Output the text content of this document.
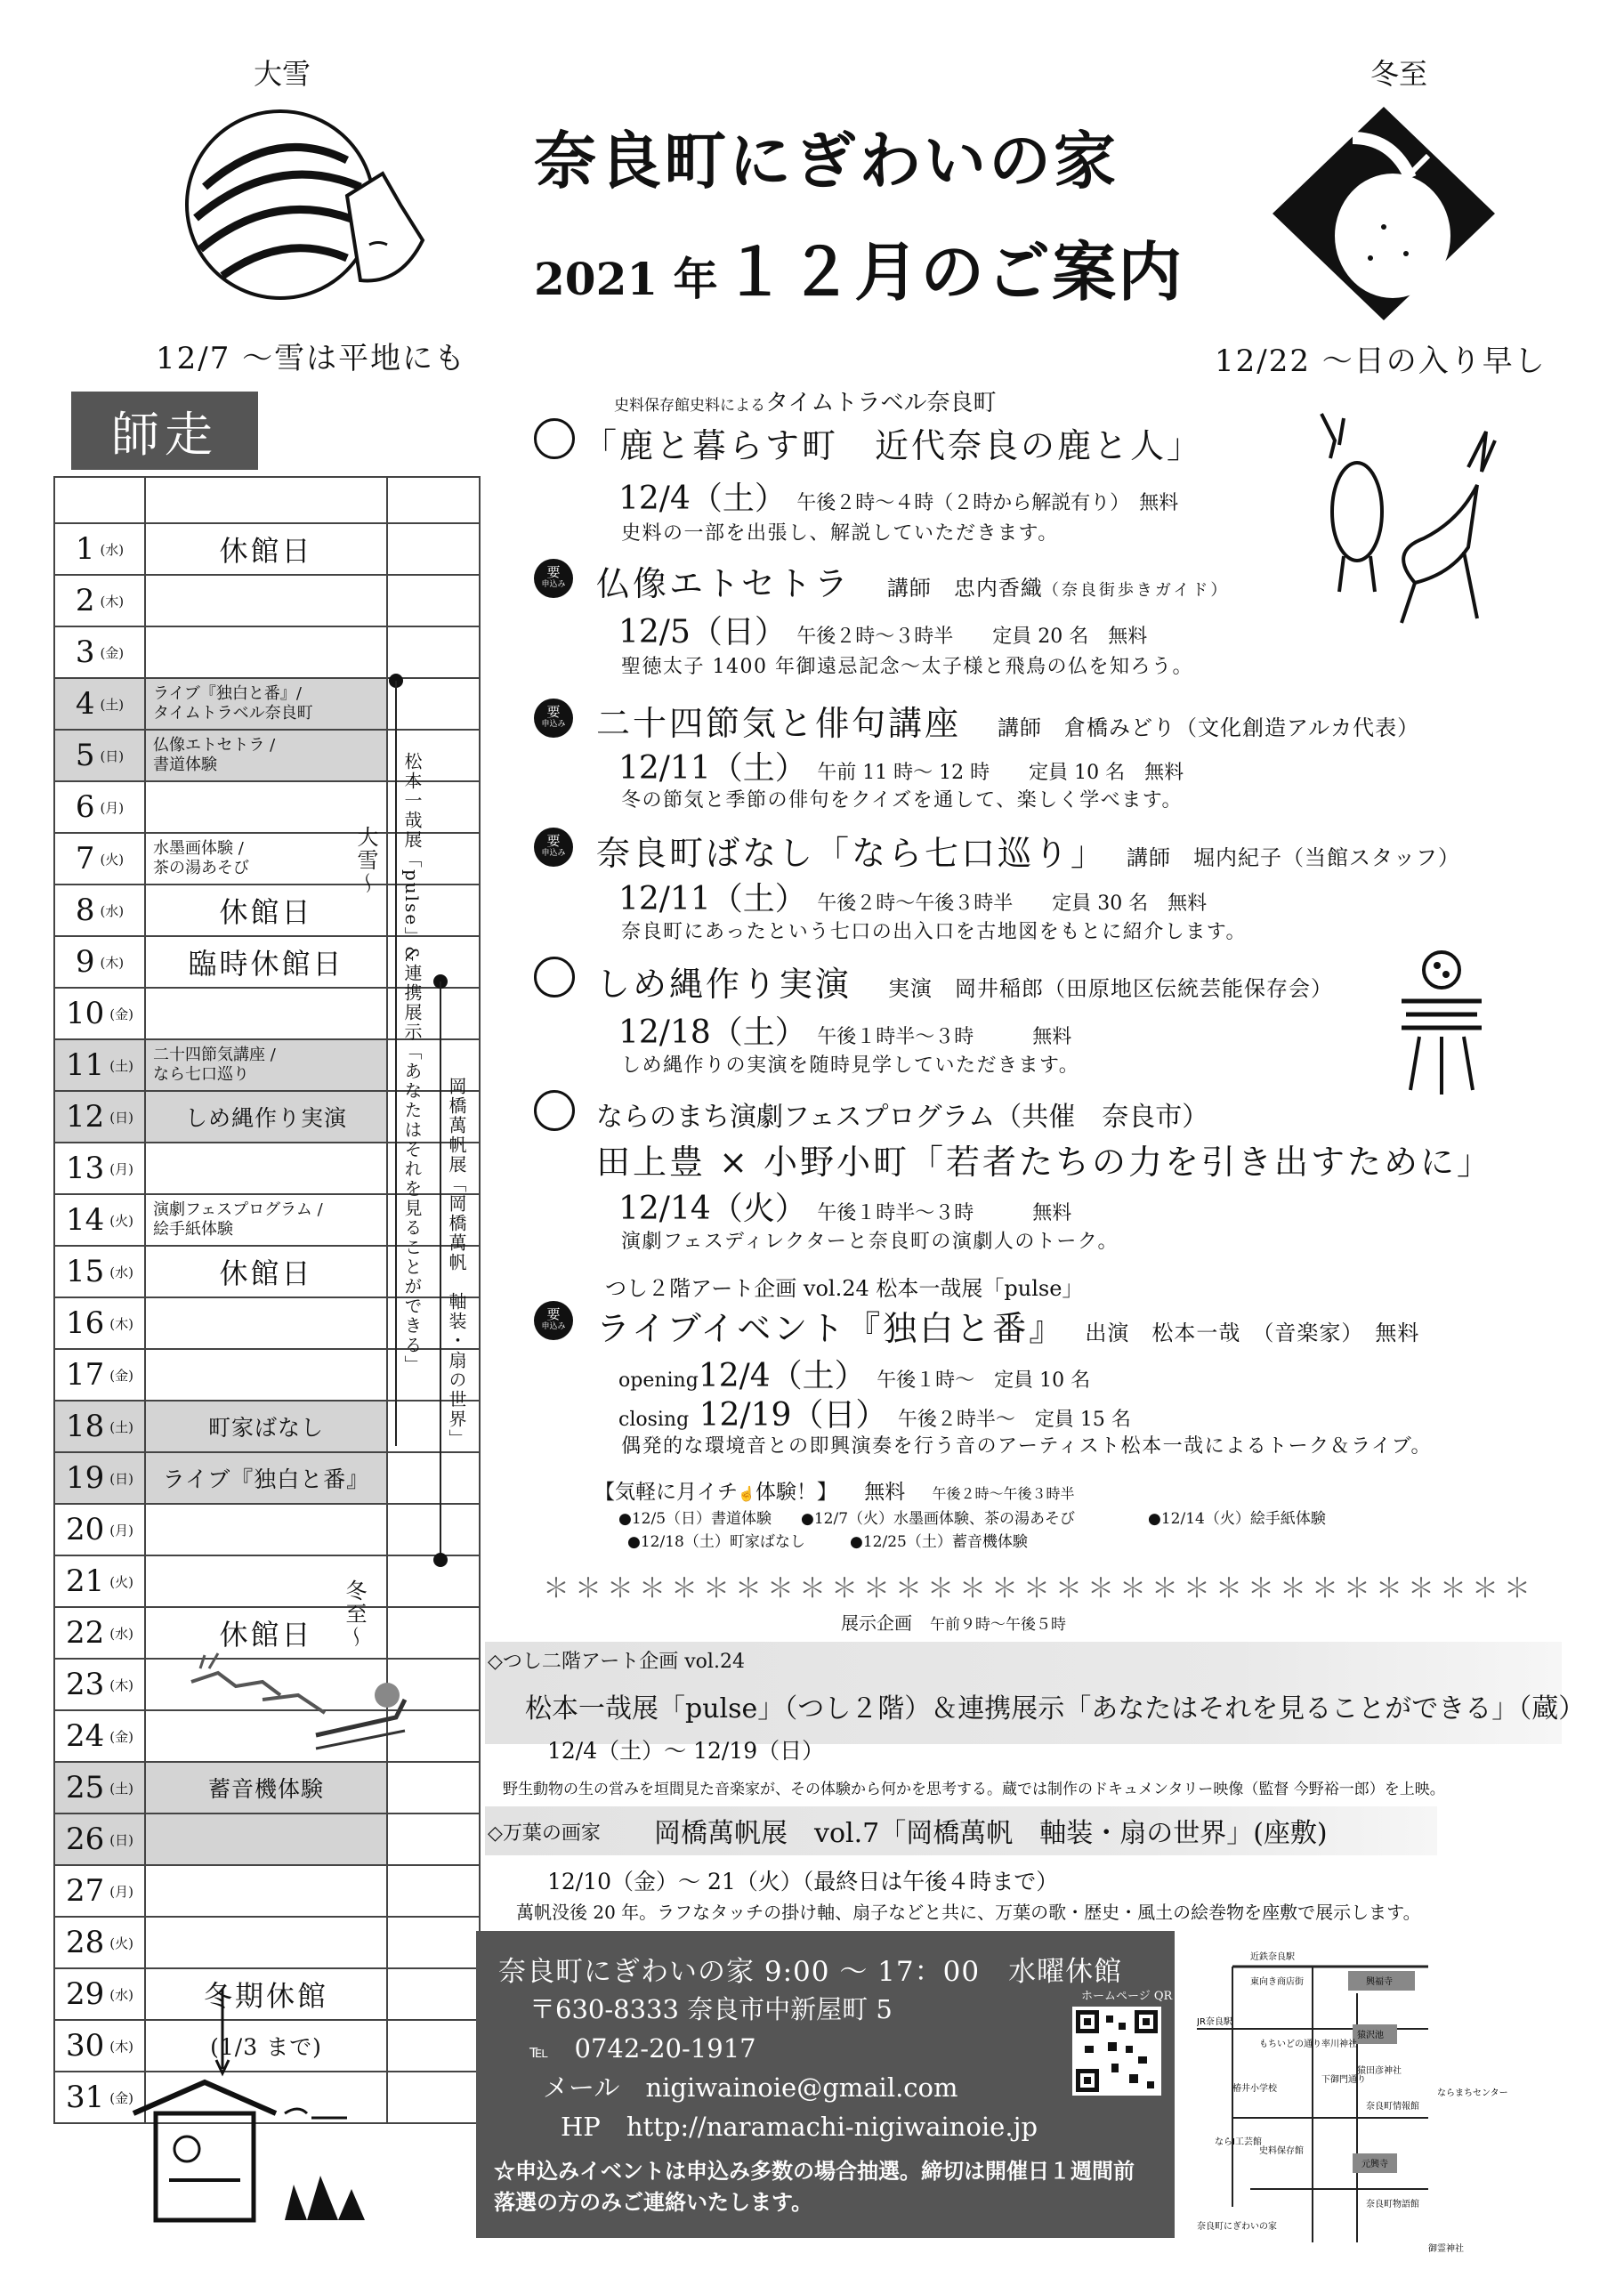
大雪
12/7 ～雪は平地にも
奈良町にぎわいの家
2021 年 １２月のご案内
冬至
12/22 ～日の入り早し
師走
1 (水)	休館日
2 (木)
3 (金)
4 (土)
ライブ『独白と番』/
タイムトラベル奈良町
5 (日)
仏像エトセトラ /
書道体験
6 (月)
7 (火)
水墨画体験 /
茶の湯あそび
8 (水)	休館日
9 (木) 臨時休館日
10 (金)
11 (土)
二十四節気講座 /
なら七口巡り
12 (日) しめ縄作り実演
13 (月)
14 (火)
演劇フェスプログラム /
絵手紙体験
15 (水)	休館日
16 (木)
17 (金)
18 (土)	町家ばなし
19 (日) ライブ『独白と番』
20 (月)
21 (火)
22 (水)	休館日
23 (木)
24 (金)
25 (土)	蓄音機体験
26 (日)
27 (月)
28 (火)
29 (水) 冬期休館
30 (木)	(1/3 まで)
31 (金)
松本一哉展「pulse」&連携展示「あなたはそれを見ることができる」 岡橋萬帆展「岡橋萬帆　軸装・扇の世界」
大雪〜
冬至〜
史料保存館史料によるタイムトラベル奈良町
「鹿と暮らす町　近代奈良の鹿と人」
12/4（土） 午後２時～４時（２時から解説有り）　無料
史料の一部を出張し、解説していただきます。
要
申込み 仏像エトセトラ　 講師　忠内香織（奈良街歩きガイド）
12/5（日） 午後２時～３時半　　定員 20 名　無料
聖徳太子 1400 年御遠忌記念～太子様と飛鳥の仏を知ろう。
要
申込み 二十四節気と俳句講座　 講師　倉橋みどり（文化創造アルカ代表）
12/11（土） 午前 11 時～ 12 時　　定員 10 名　無料
冬の節気と季節の俳句をクイズを通して、楽しく学べます。
要
申込み 奈良町ばなし「なら七口巡り」　 講師　堀内紀子（当館スタッフ）
12/11（土） 午後２時～午後３時半　　定員 30 名　無料
奈良町にあったという七口の出入口を古地図をもとに紹介します。
しめ縄作り実演　 実演　岡井稲郎（田原地区伝統芸能保存会）
12/18（土） 午後１時半～３時　　　無料
しめ縄作りの実演を随時見学していただきます。
ならのまち演劇フェスプログラム（共催　奈良市）
田上豊 × 小野小町「若者たちの力を引き出すために」
12/14（火） 午後１時半～３時　　　無料
演劇フェスディレクターと奈良町の演劇人のトーク。
つし２階アート企画 vol.24 松本一哉展「pulse」
要
申込み ライブイベント『独白と番』　 出演　松本一哉　（音楽家）　無料
opening12/4（土） 午後１時～　定員 10 名
closing 12/19（日） 午後２時半～　定員 15 名
偶発的な環境音との即興演奏を行う音のアーティスト松本一哉によるトーク＆ライブ。
【気軽に月イチ☝体験！】 　 無料 　 午後２時～午後３時半
●12/5（日）書道体験 ●12/7（火）水墨画体験、茶の湯あそび	●12/14（火）絵手紙体験
●12/18（土）町家ばなし	●12/25（土）蓄音機体験
＊＊＊＊＊＊＊＊＊＊＊＊＊＊＊＊＊＊＊＊＊＊＊＊＊＊＊＊＊＊＊
展示企画　 午前９時～午後５時
◇つし二階アート企画 vol.24
松本一哉展「pulse」（つし２階）＆連携展示「あなたはそれを見ることができる」（蔵）
12/4（土）～ 12/19（日）
野生動物の生の営みを垣間見た音楽家が、その体験から何かを思考する。蔵では制作のドキュメンタリー映像（監督 今野裕一郎）を上映。
◇万葉の画家 岡橋萬帆展　vol.7「岡橋萬帆　軸装・扇の世界」(座敷)
12/10（金）～ 21（火）（最終日は午後４時まで）
萬帆没後 20 年。ラフなタッチの掛け軸、扇子などと共に、万葉の歌・歴史・風土の絵巻物を座敷で展示します。
奈良町にぎわいの家 9:00 ～ 17：00　水曜休館
ホームページ QR
〒630-8333 奈良市中新屋町 5
℡　 0742-20-1917
メール　 nigiwainoie@gmail.com
HP　 http://naramachi-nigiwainoie.jp
☆申込みイベントは申込み多数の場合抽選。締切は開催日１週間前
落選の方のみご連絡いたします。
近鉄奈良駅東向き商店街	興福寺 JR奈良駅もちいどの通り率川神社猿沢池下御門通り猿田彦神社椿井小学校	ならまちセンター奈良町情報館ならI工芸館史料保存館元興寺奈良町物語館奈良町にぎわいの家御霊神社
